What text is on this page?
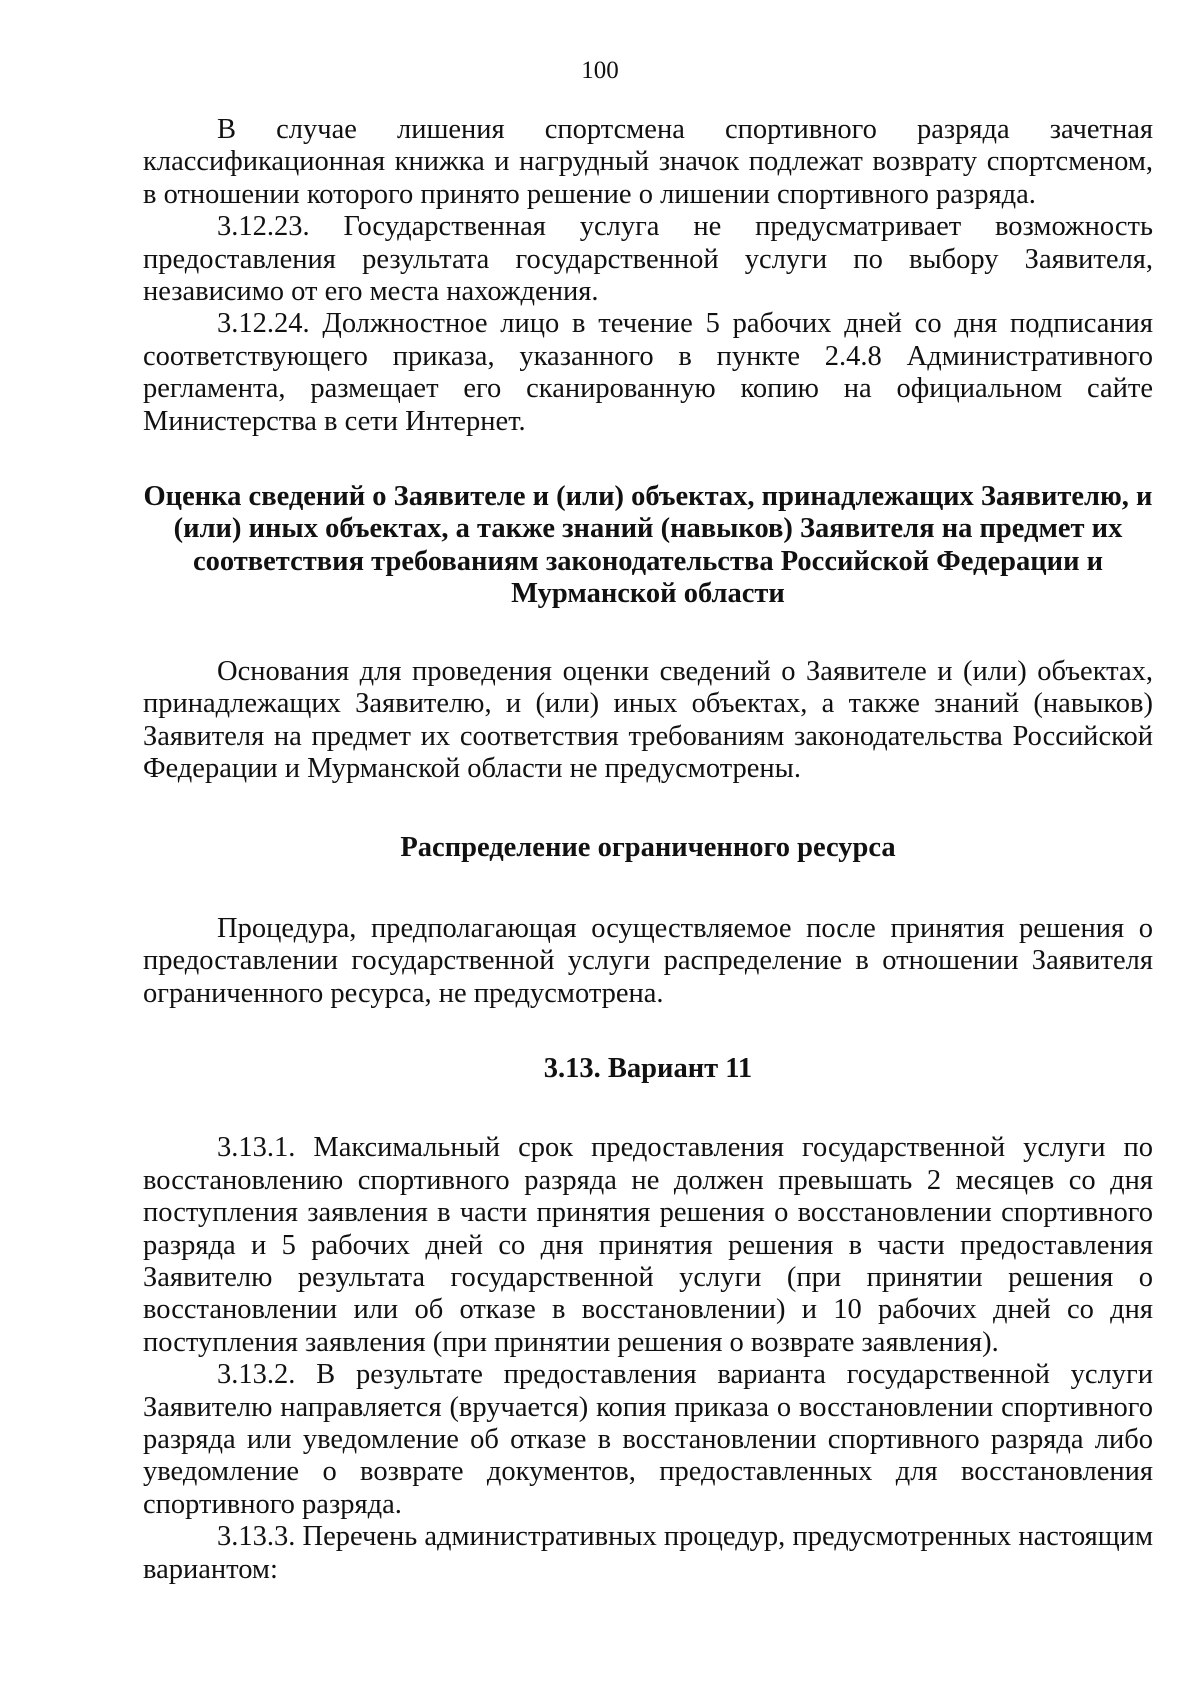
100

В случае лишения спортсмена спортивного разряда зачетная классификационная книжка и нагрудный значок подлежат возврату спортсменом, в отношении которого принято решение о лишении спортивного разряда.

3.12.23. Государственная услуга не предусматривает возможность предоставления результата государственной услуги по выбору Заявителя, независимо от его места нахождения.

3.12.24. Должностное лицо в течение 5 рабочих дней со дня подписания соответствующего приказа, указанного в пункте 2.4.8 Административного регламента, размещает его сканированную копию на официальном сайте Министерства в сети Интернет.

Оценка сведений о Заявителе и (или) объектах, принадлежащих Заявителю, и (или) иных объектах, а также знаний (навыков) Заявителя на предмет их соответствия требованиям законодательства Российской Федерации и Мурманской области

Основания для проведения оценки сведений о Заявителе и (или) объектах, принадлежащих Заявителю, и (или) иных объектах, а также знаний (навыков) Заявителя на предмет их соответствия требованиям законодательства Российской Федерации и Мурманской области не предусмотрены.

Распределение ограниченного ресурса

Процедура, предполагающая осуществляемое после принятия решения о предоставлении государственной услуги распределение в отношении Заявителя ограниченного ресурса, не предусмотрена.

3.13. Вариант 11

3.13.1. Максимальный срок предоставления государственной услуги по восстановлению спортивного разряда не должен превышать 2 месяцев со дня поступления заявления в части принятия решения о восстановлении спортивного разряда и 5 рабочих дней со дня принятия решения в части предоставления Заявителю результата государственной услуги (при принятии решения о восстановлении или об отказе в восстановлении) и 10 рабочих дней со дня поступления заявления (при принятии решения о возврате заявления).

3.13.2. В результате предоставления варианта государственной услуги Заявителю направляется (вручается) копия приказа о восстановлении спортивного разряда или уведомление об отказе в восстановлении спортивного разряда либо уведомление о возврате документов, предоставленных для восстановления спортивного разряда.

3.13.3. Перечень административных процедур, предусмотренных настоящим вариантом:
